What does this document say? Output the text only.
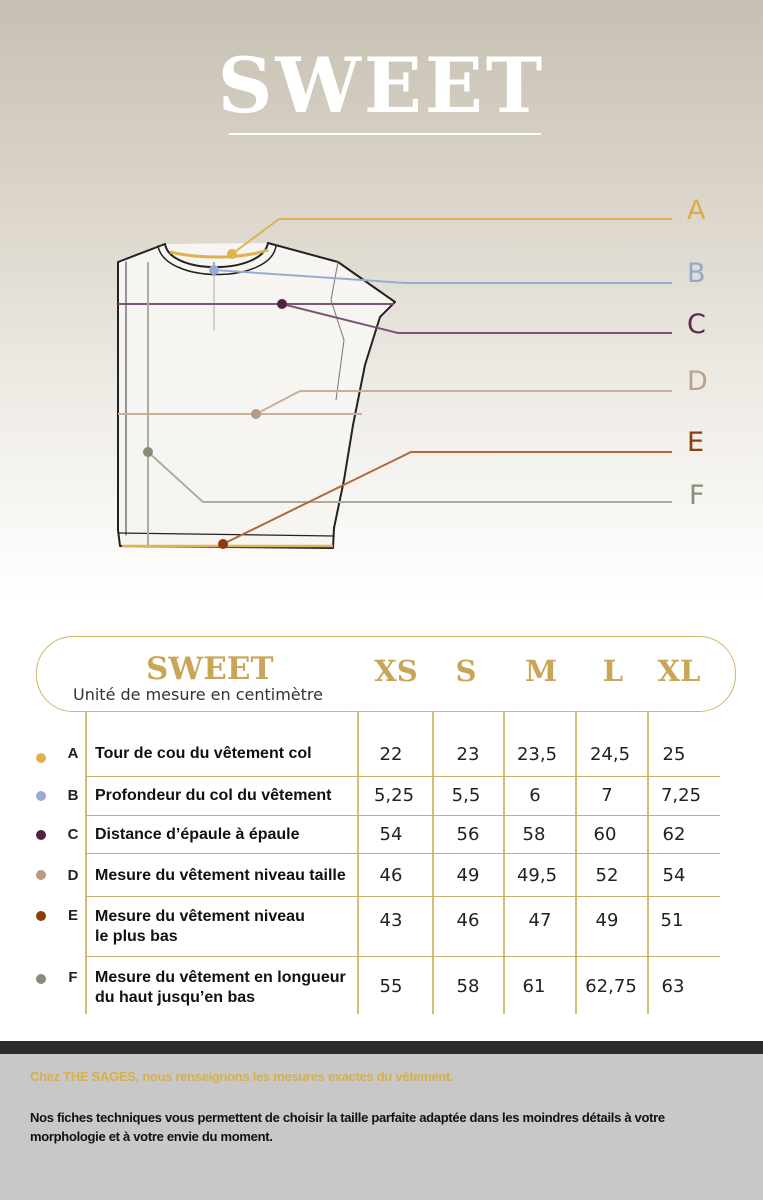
SWEET
A
B
C
D
E
F
SWEET
Unité de mesure en centimètre
XS	S	M	L	XL
A Tour de cou du vêtement col	22	23	23,5	24,5	25
B Profondeur du col du vêtement	5,25	5,5	6	7	7,25
C Distance d’épaule à épaule	54	56	58	60	62
D Mesure du vêtement niveau taille	46	49	49,5	52	54
E Mesure du vêtement niveau
le plus bas
43	46	47	49	51
F Mesure du vêtement en longueur
du haut jusqu’en bas
55	58	61	62,75	63
Chez THE SAGES, nous renseignons les mesures exactes du vêtement.
Nos fiches techniques vous permettent de choisir la taille parfaite adaptée dans les moindres détails à votre morphologie et à votre envie du moment.
